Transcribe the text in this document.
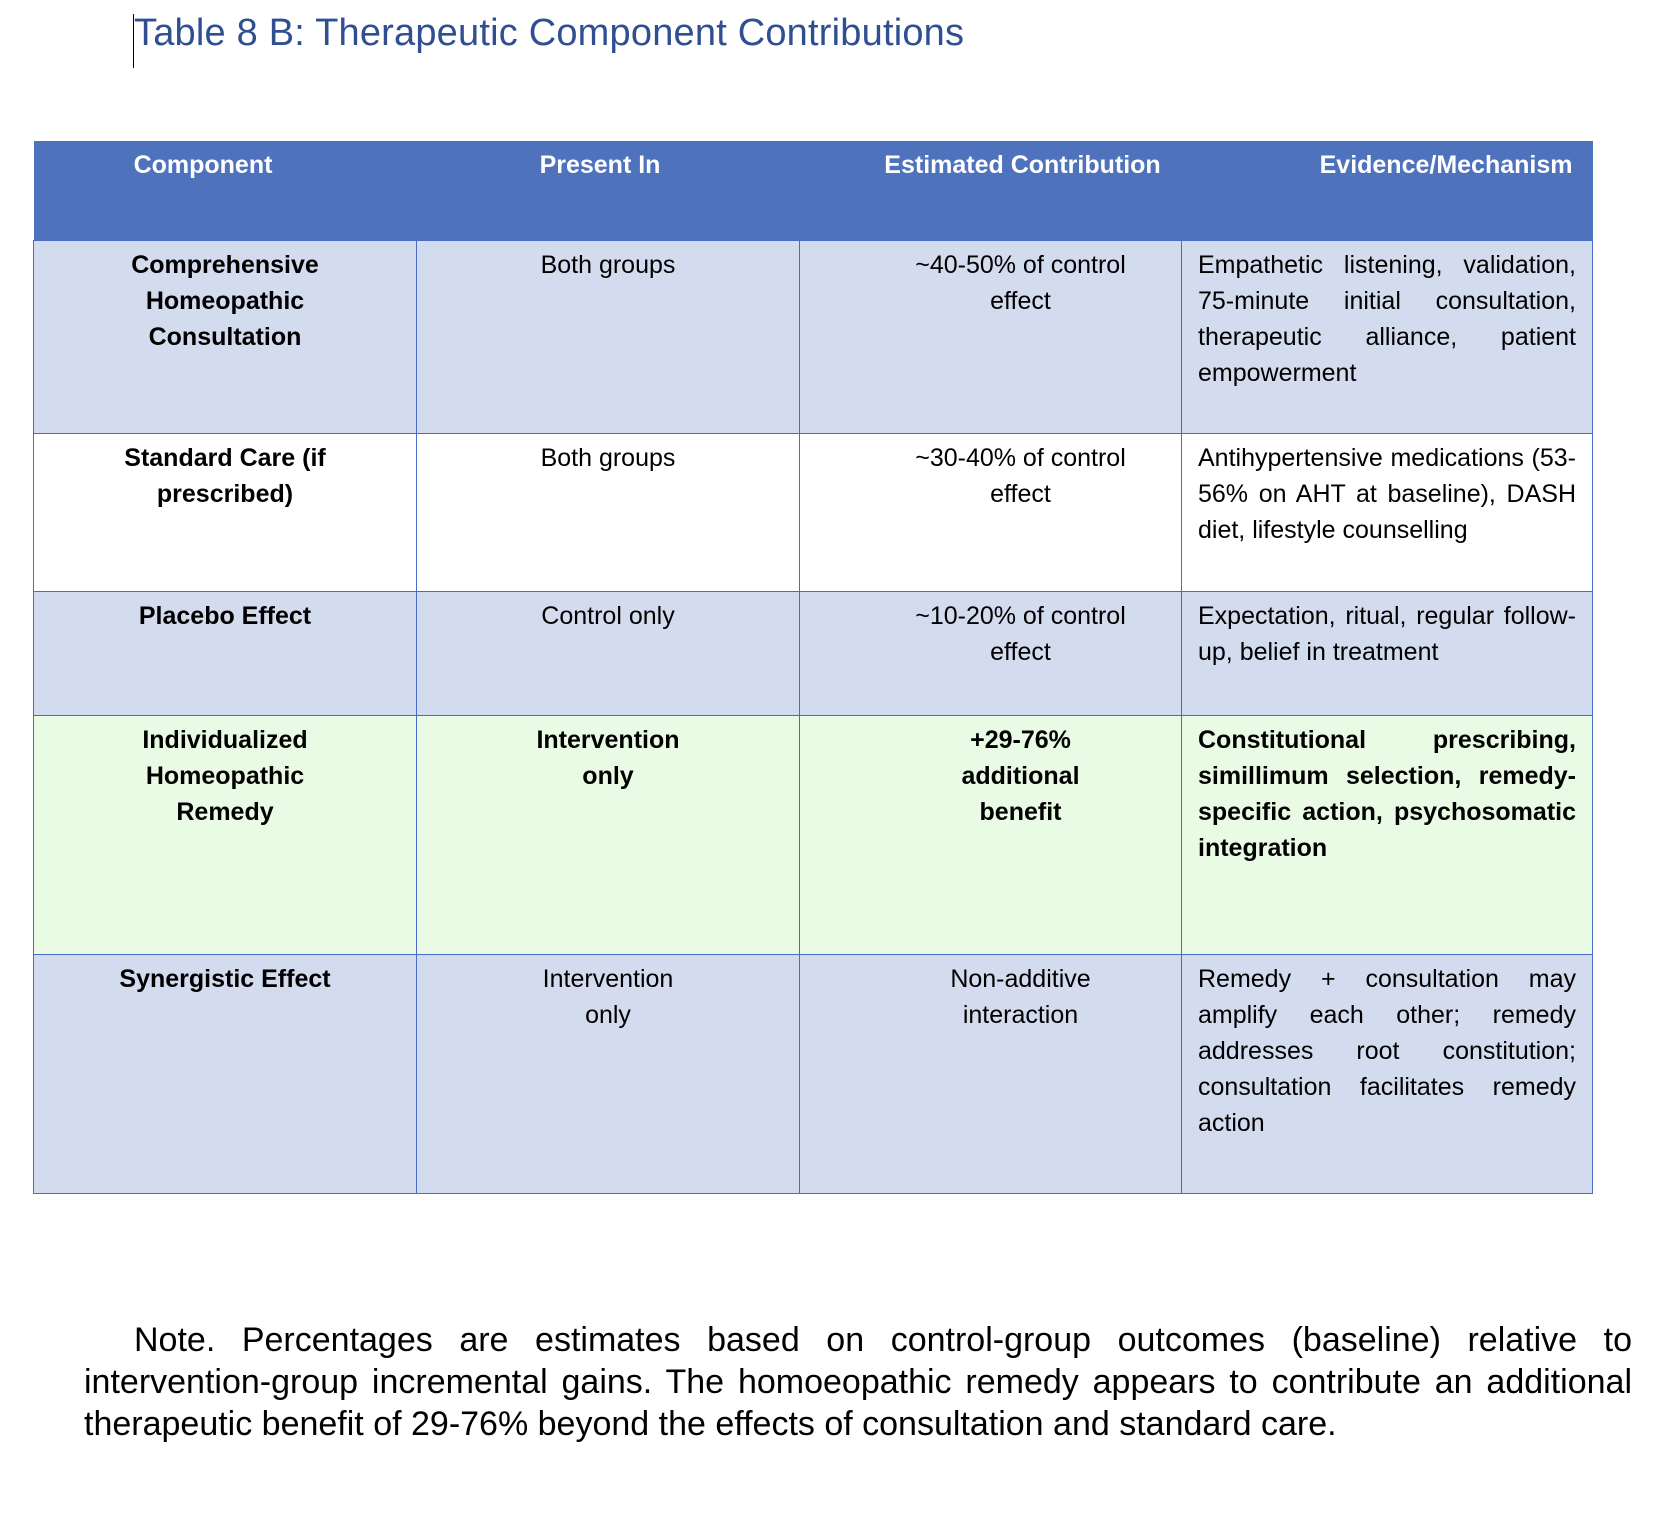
Table 8 B: Therapeutic Component Contributions
Component	Present In	Estimated Contribution	Evidence/Mechanism
Comprehensive Homeopathic Consultation	Both groups	~40-50% of control effect	Empathetic listening, validation, 75-minute initial consultation, therapeutic alliance, patient empowerment
Standard Care (if prescribed)	Both groups	~30-40% of control effect	Antihypertensive medications (53-56% on AHT at baseline), DASH diet, lifestyle counselling
Placebo Effect	Control only	~10-20% of control effect	Expectation, ritual, regular follow-up, belief in treatment
Individualized Homeopathic Remedy	Intervention only	+29-76% additional benefit	Constitutional prescribing, simillimum selection, remedy-specific action, psychosomatic integration
Synergistic Effect	Intervention only	Non-additive interaction	Remedy + consultation may amplify each other; remedy addresses root constitution; consultation facilitates remedy action
Note. Percentages are estimates based on control-group outcomes (baseline) relative to intervention-group incremental gains. The homoeopathic remedy appears to contribute an additional therapeutic benefit of 29-76% beyond the effects of consultation and standard care.
